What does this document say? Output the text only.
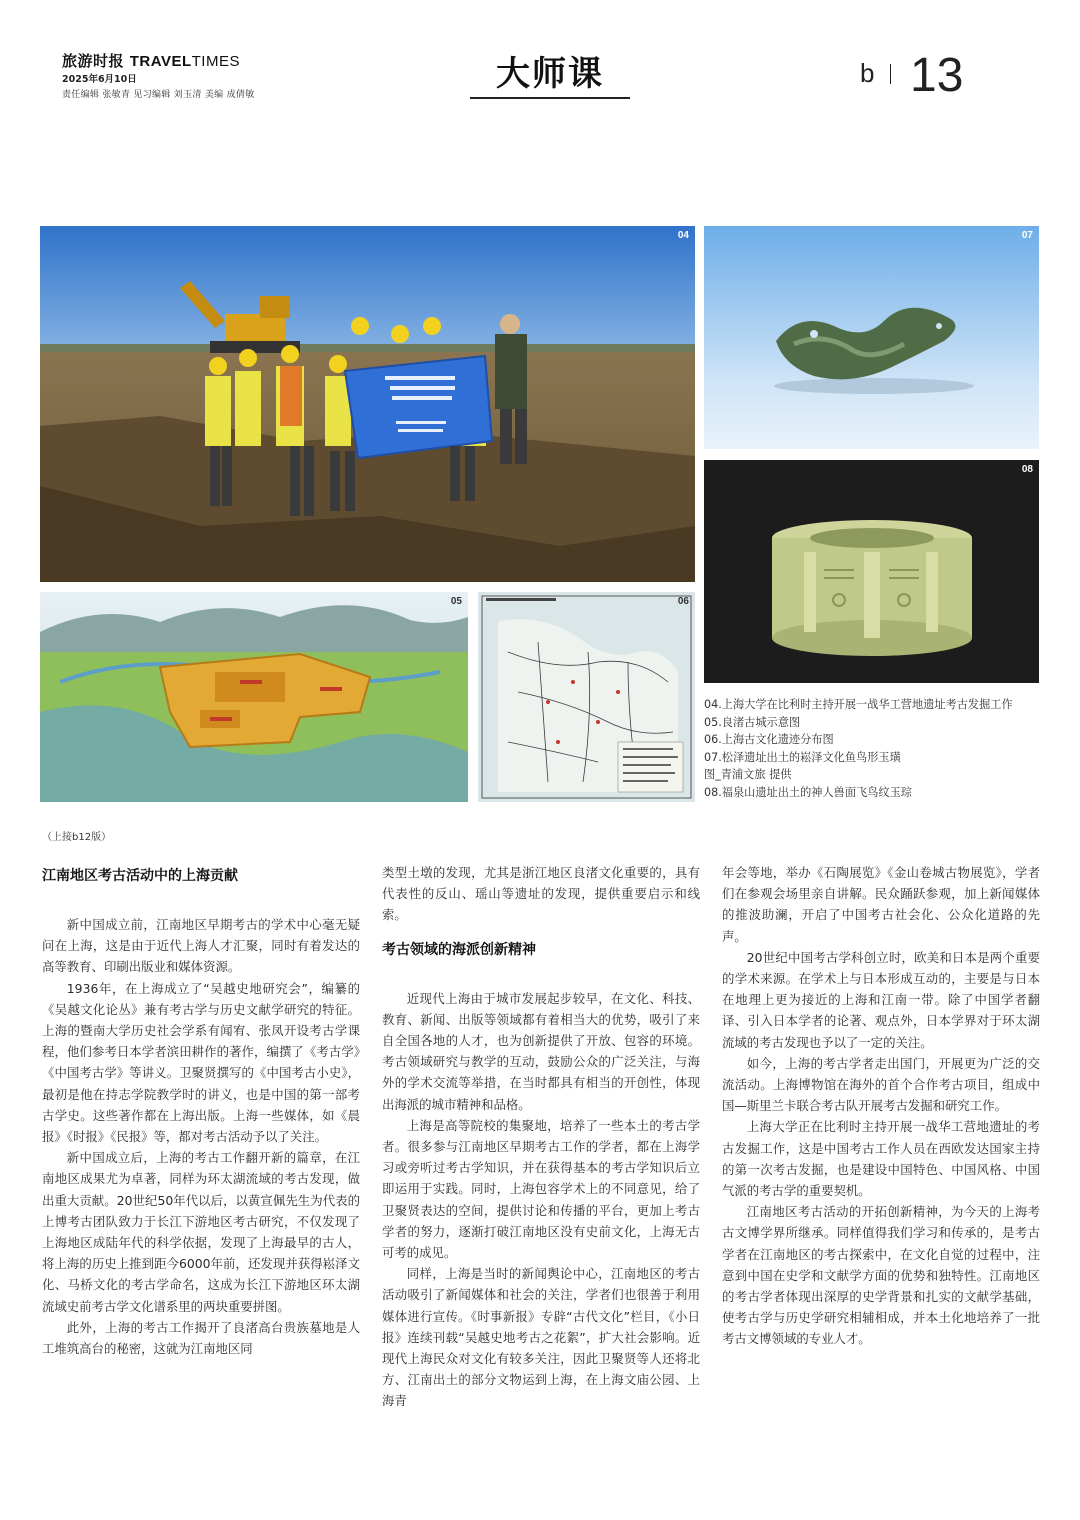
旅游时报 TRAVELTIMES
2025年6月10日
责任编辑 张敏青 见习编辑 刘玉清 美编 成倩敏
大师课	b 13
04	07
08
05	06
04.上海大学在比利时主持开展一战华工营地遗址考古发掘工作
05.良渚古城示意图
06.上海古文化遗迹分布图
07.松泽遗址出土的崧泽文化鱼鸟形玉璜
图_青浦文旅 提供
08.福泉山遗址出土的神人兽面飞鸟纹玉琮
（上接b12版）
江南地区考古活动中的上海贡献

新中国成立前，江南地区早期考古的学术中心毫无疑问在上海，这是由于近代上海人才汇聚，同时有着发达的高等教育、印刷出版业和媒体资源。

1936年，在上海成立了“吴越史地研究会”，编纂的《吴越文化论丛》兼有考古学与历史文献学研究的特征。上海的暨南大学历史社会学系有闻宥、张凤开设考古学课程，他们参考日本学者滨田耕作的著作，编撰了《考古学》《中国考古学》等讲义。卫聚贤撰写的《中国考古小史》，最初是他在持志学院教学时的讲义，也是中国的第一部考古学史。这些著作都在上海出版。上海一些媒体，如《晨报》《时报》《民报》等，都对考古活动予以了关注。

新中国成立后，上海的考古工作翻开新的篇章，在江南地区成果尤为卓著，同样为环太湖流域的考古发现，做出重大贡献。20世纪50年代以后，以黄宣佩先生为代表的上博考古团队致力于长江下游地区考古研究，不仅发现了上海地区成陆年代的科学依据，发现了上海最早的古人，将上海的历史上推到距今6000年前，还发现并获得崧泽文化、马桥文化的考古学命名，这成为长江下游地区环太湖流域史前考古学文化谱系里的两块重要拼图。

此外，上海的考古工作揭开了良渚高台贵族墓地是人工堆筑高台的秘密，这就为江南地区同

类型土墩的发现，尤其是浙江地区良渚文化重要的，具有代表性的反山、瑶山等遗址的发现，提供重要启示和线索。

考古领域的海派创新精神

近现代上海由于城市发展起步较早，在文化、科技、教育、新闻、出版等领域都有着相当大的优势，吸引了来自全国各地的人才，也为创新提供了开放、包容的环境。考古领域研究与教学的互动，鼓励公众的广泛关注，与海外的学术交流等举措，在当时都具有相当的开创性，体现出海派的城市精神和品格。

上海是高等院校的集聚地，培养了一些本土的考古学者。很多参与江南地区早期考古工作的学者，都在上海学习或旁听过考古学知识，并在获得基本的考古学知识后立即运用于实践。同时，上海包容学术上的不同意见，给了卫聚贤表达的空间，提供讨论和传播的平台，更加上考古学者的努力，逐渐打破江南地区没有史前文化，上海无古可考的成见。

同样，上海是当时的新闻舆论中心，江南地区的考古活动吸引了新闻媒体和社会的关注，学者们也很善于利用媒体进行宣传。《时事新报》专辟“古代文化”栏目，《小日报》连续刊载“吴越史地考古之花絮”，扩大社会影响。近现代上海民众对文化有较多关注，因此卫聚贤等人还将北方、江南出土的部分文物运到上海，在上海文庙公园、上海青

年会等地，举办《石陶展览》《金山卷城古物展览》，学者们在参观会场里亲自讲解。民众踊跃参观，加上新闻媒体的推波助澜，开启了中国考古社会化、公众化道路的先声。

20世纪中国考古学科创立时，欧美和日本是两个重要的学术来源。在学术上与日本形成互动的，主要是与日本在地理上更为接近的上海和江南一带。除了中国学者翻译、引入日本学者的论著、观点外，日本学界对于环太湖流域的考古发现也予以了一定的关注。

如今，上海的考古学者走出国门，开展更为广泛的交流活动。上海博物馆在海外的首个合作考古项目，组成中国—斯里兰卡联合考古队开展考古发掘和研究工作。

上海大学正在比利时主持开展一战华工营地遗址的考古发掘工作，这是中国考古工作人员在西欧发达国家主持的第一次考古发掘，也是建设中国特色、中国风格、中国气派的考古学的重要契机。

江南地区考古活动的开拓创新精神，为今天的上海考古文博学界所继承。同样值得我们学习和传承的，是考古学者在江南地区的考古探索中，在文化自觉的过程中，注意到中国在史学和文献学方面的优势和独特性。江南地区的考古学者体现出深厚的史学背景和扎实的文献学基础，使考古学与历史学研究相辅相成，并本土化地培养了一批考古文博领域的专业人才。
